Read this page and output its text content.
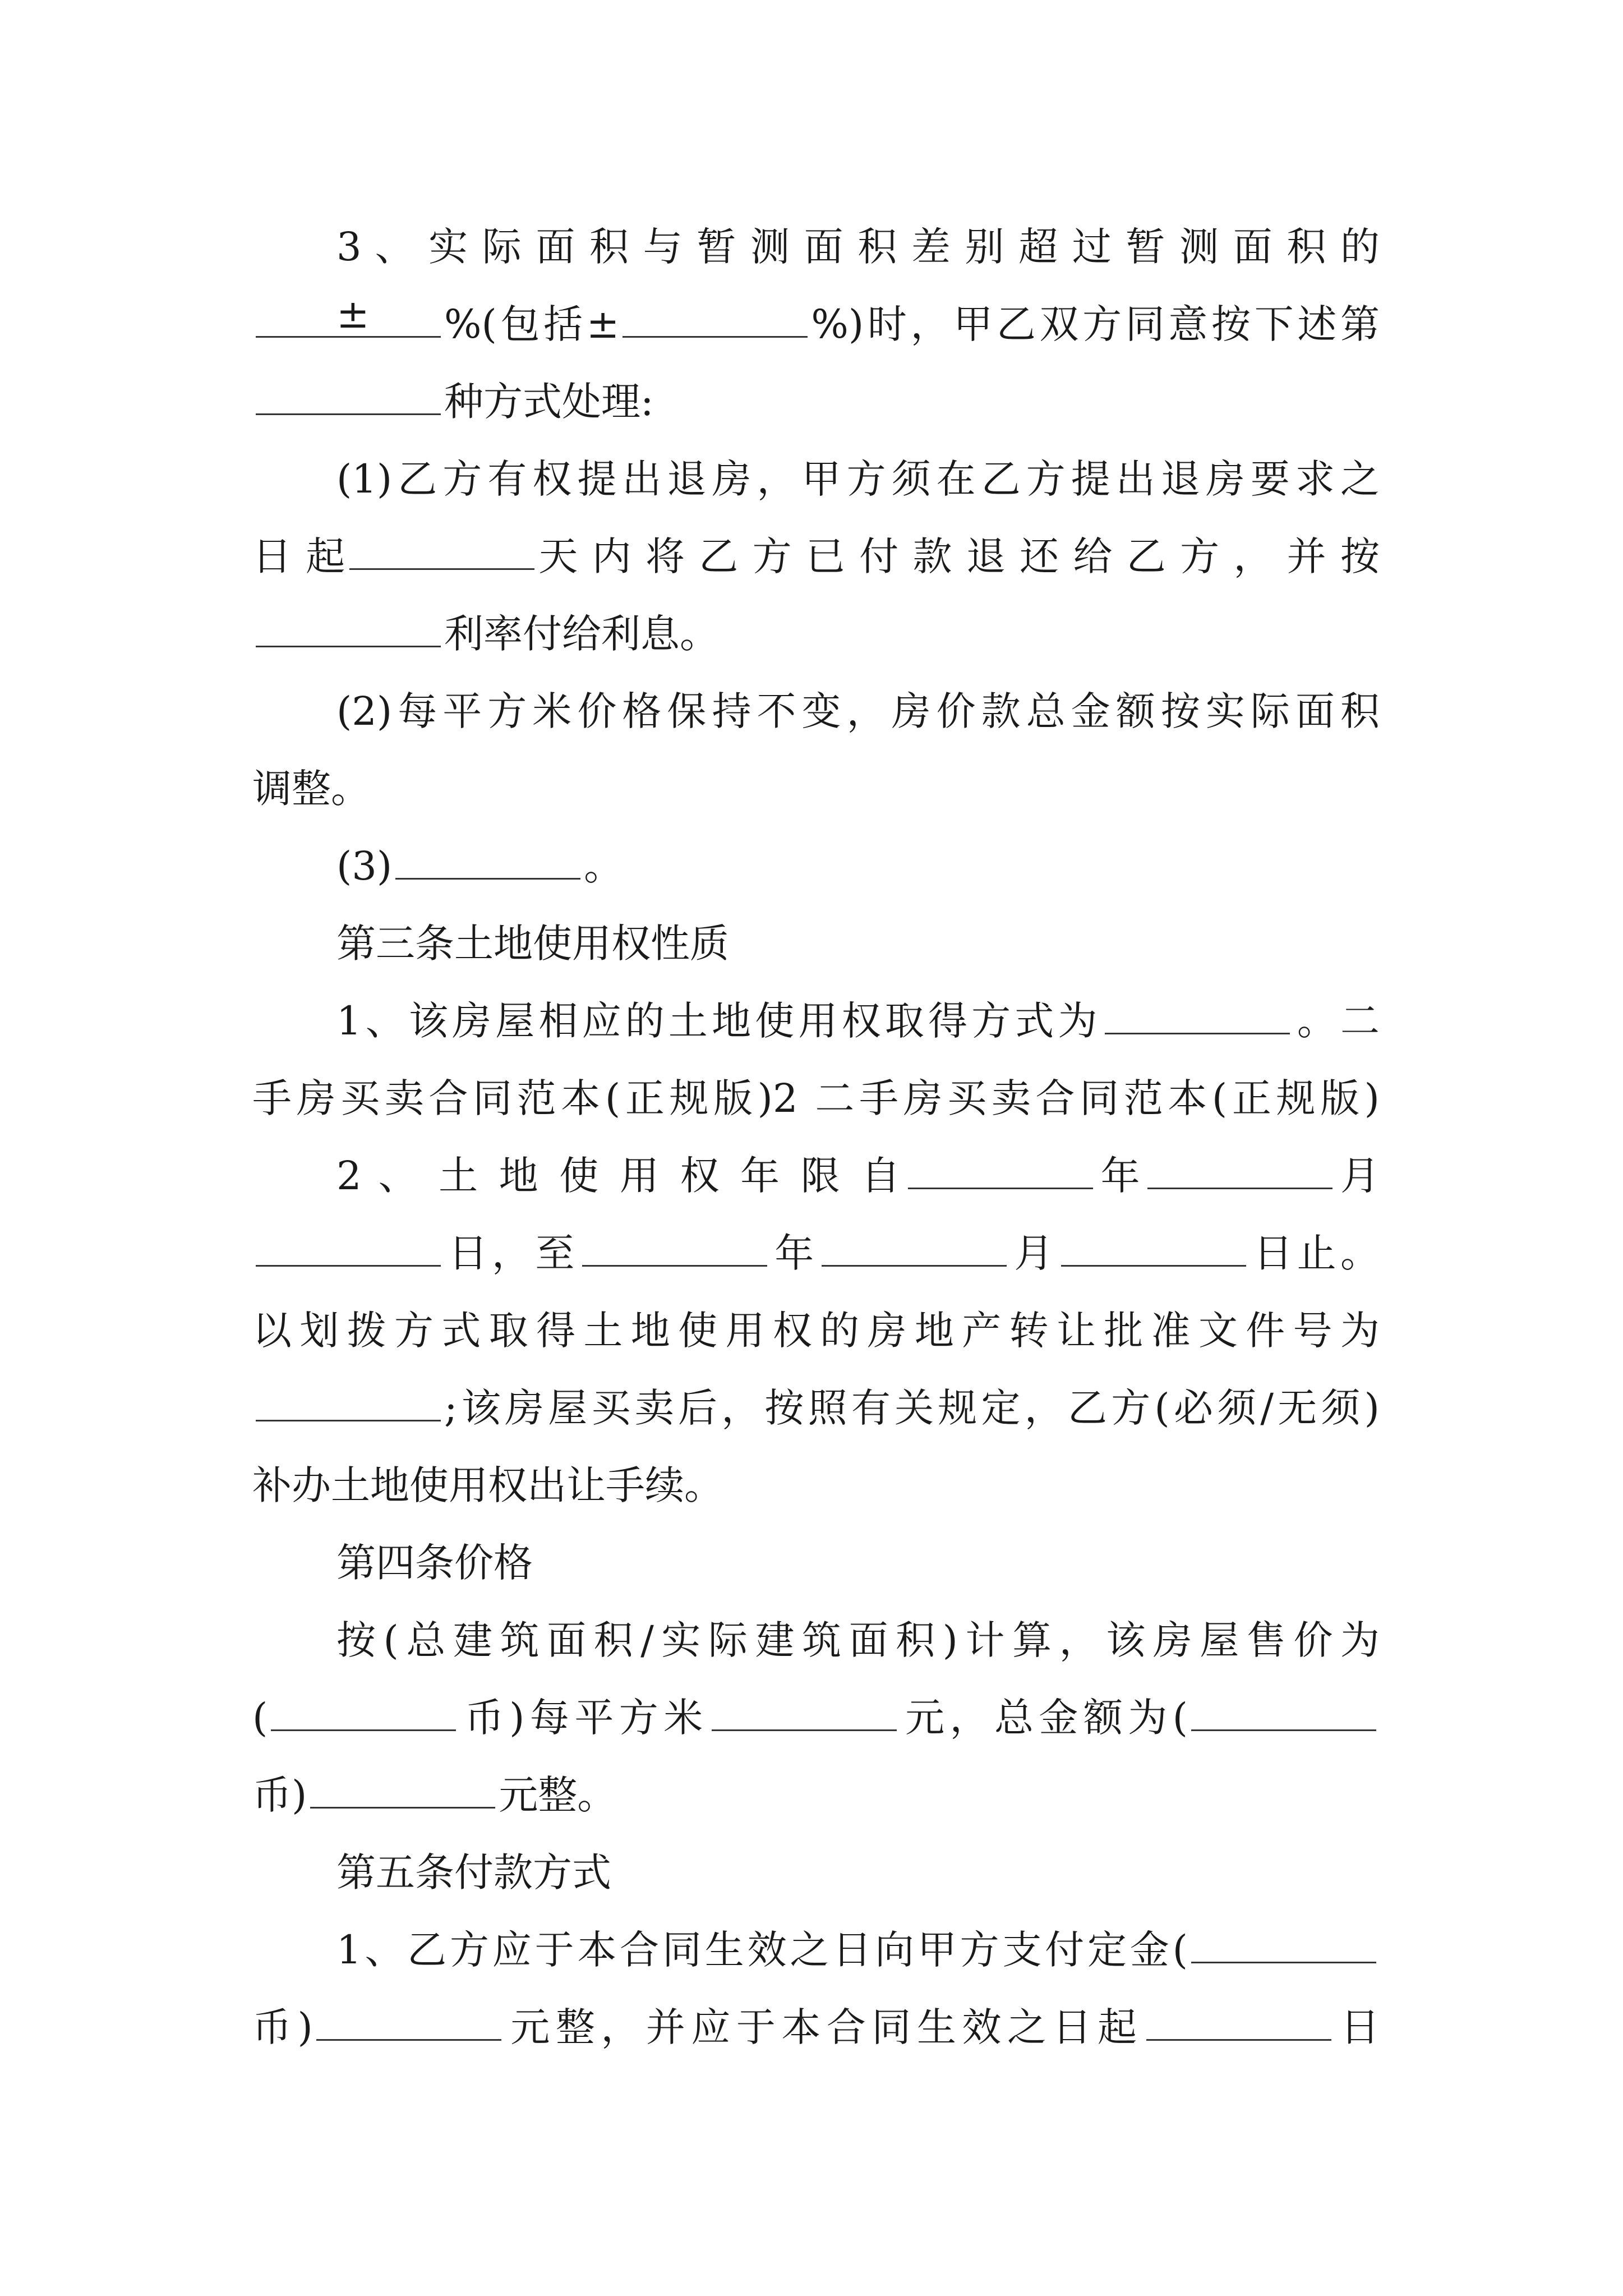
3 、 实 际 面 积 与 暂 测 面 积 差 别 超 过 暂 测 面 积 的 ±	%(包括±	%)时，甲乙双方同意按下述第
种方式处理:
(1)乙方有权提出退房，甲方须在乙方提出退房要求之
日 起	天 内 将 乙 方 已 付 款 退 还 给 乙 方 ， 并 按
利率付给利息。
(2)每平方米价格保持不变，房价款总金额按实际面积
调整。
(3)	。
第三条土地使用权性质
1、该房屋相应的土地使用权取得方式为	。二
手房买卖合同范本(正规版)2 二手房买卖合同范本(正规版)
2 、 土 地 使 用 权 年 限 自	年	月
日，至	年	月	日止。
以划拨方式取得土地使用权的房地产转让批准文件号为
;该房屋买卖后，按照有关规定，乙方(必须/无须)
补办土地使用权出让手续。
第四条价格
按(总建筑面积/实际建筑面积)计算，该房屋售价为
(	币)每平方米	元，总金额为(
币)	元整。
第五条付款方式
1、乙方应于本合同生效之日向甲方支付定金(
币)	元整，并应于本合同生效之日起	日
